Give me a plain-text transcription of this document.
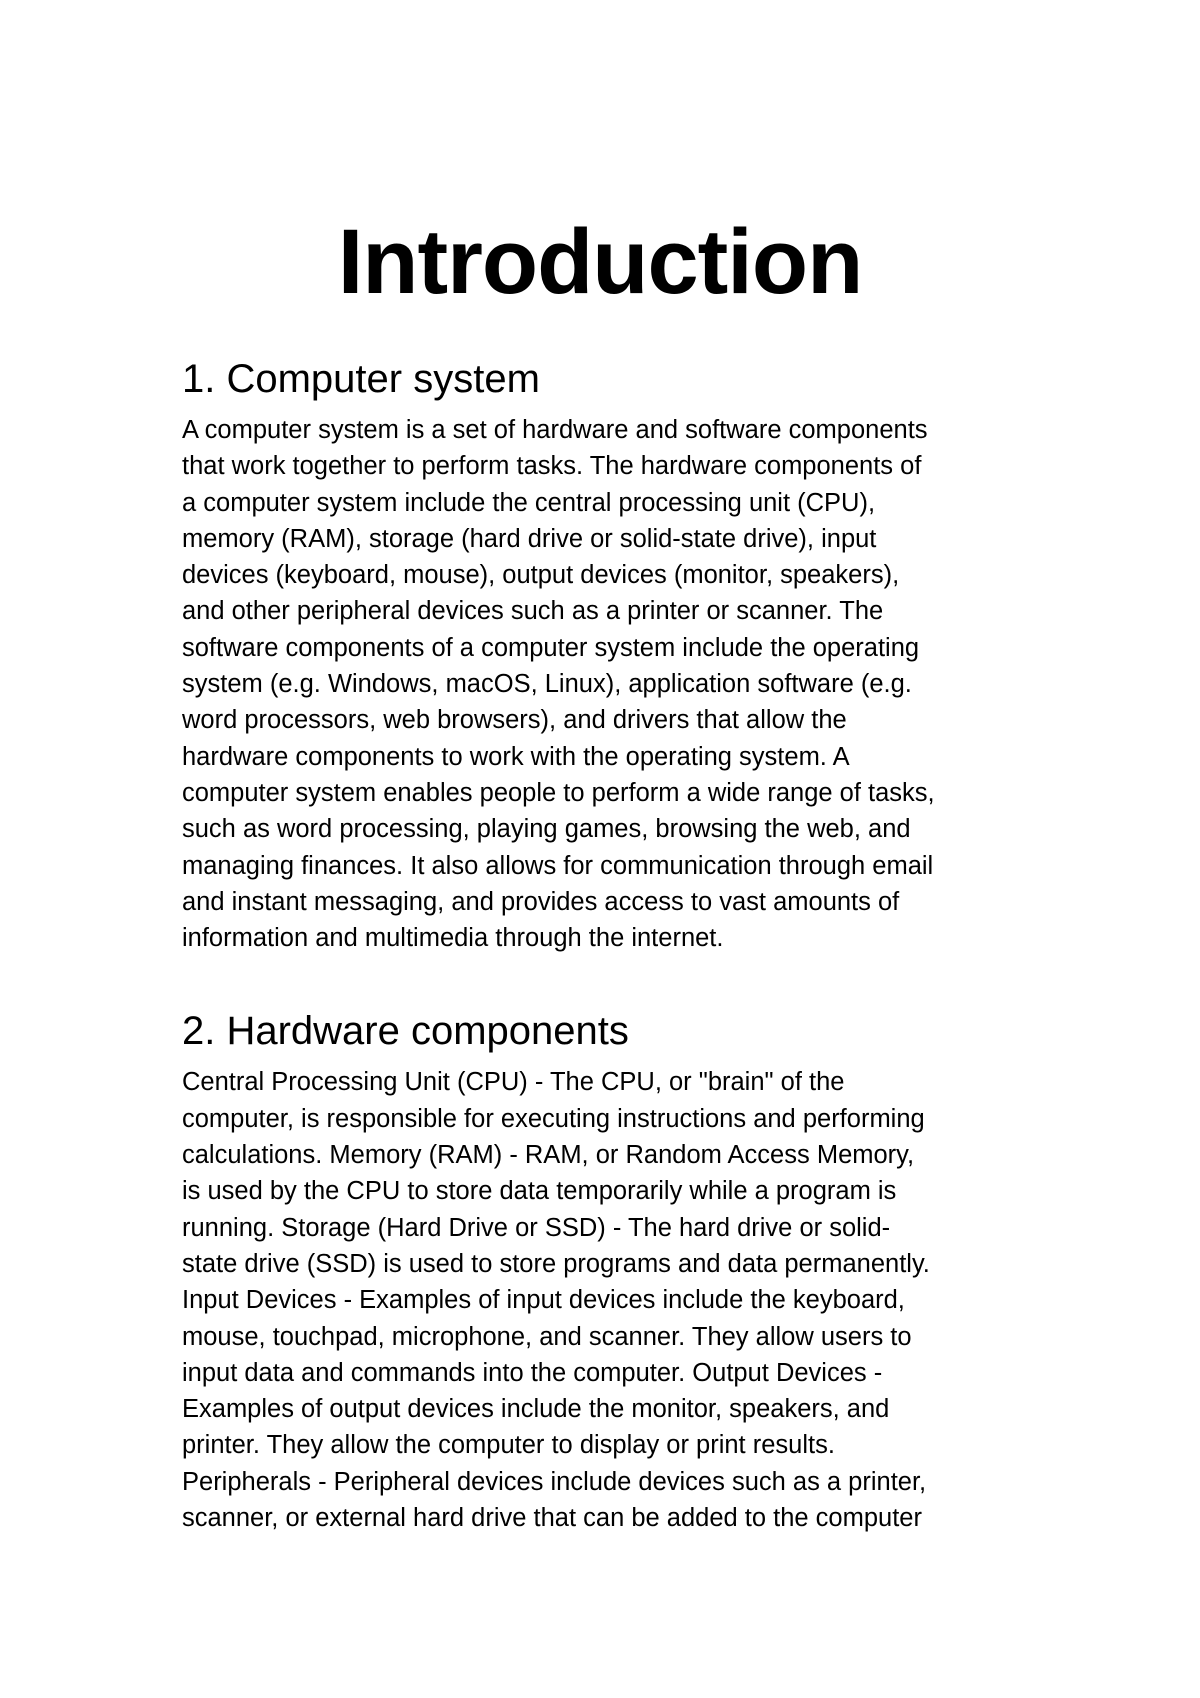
Introduction
1. Computer system

A computer system is a set of hardware and software components
that work together to perform tasks. The hardware components of
a computer system include the central processing unit (CPU),
memory (RAM), storage (hard drive or solid-state drive), input
devices (keyboard, mouse), output devices (monitor, speakers),
and other peripheral devices such as a printer or scanner. The
software components of a computer system include the operating
system (e.g. Windows, macOS, Linux), application software (e.g.
word processors, web browsers), and drivers that allow the
hardware components to work with the operating system. A
computer system enables people to perform a wide range of tasks,
such as word processing, playing games, browsing the web, and
managing finances. It also allows for communication through email
and instant messaging, and provides access to vast amounts of
information and multimedia through the internet.

2. Hardware components

Central Processing Unit (CPU) - The CPU, or "brain" of the
computer, is responsible for executing instructions and performing
calculations. Memory (RAM) - RAM, or Random Access Memory,
is used by the CPU to store data temporarily while a program is
running. Storage (Hard Drive or SSD) - The hard drive or solid-
state drive (SSD) is used to store programs and data permanently.
Input Devices - Examples of input devices include the keyboard,
mouse, touchpad, microphone, and scanner. They allow users to
input data and commands into the computer. Output Devices -
Examples of output devices include the monitor, speakers, and
printer. They allow the computer to display or print results.
Peripherals - Peripheral devices include devices such as a printer,
scanner, or external hard drive that can be added to the computer
